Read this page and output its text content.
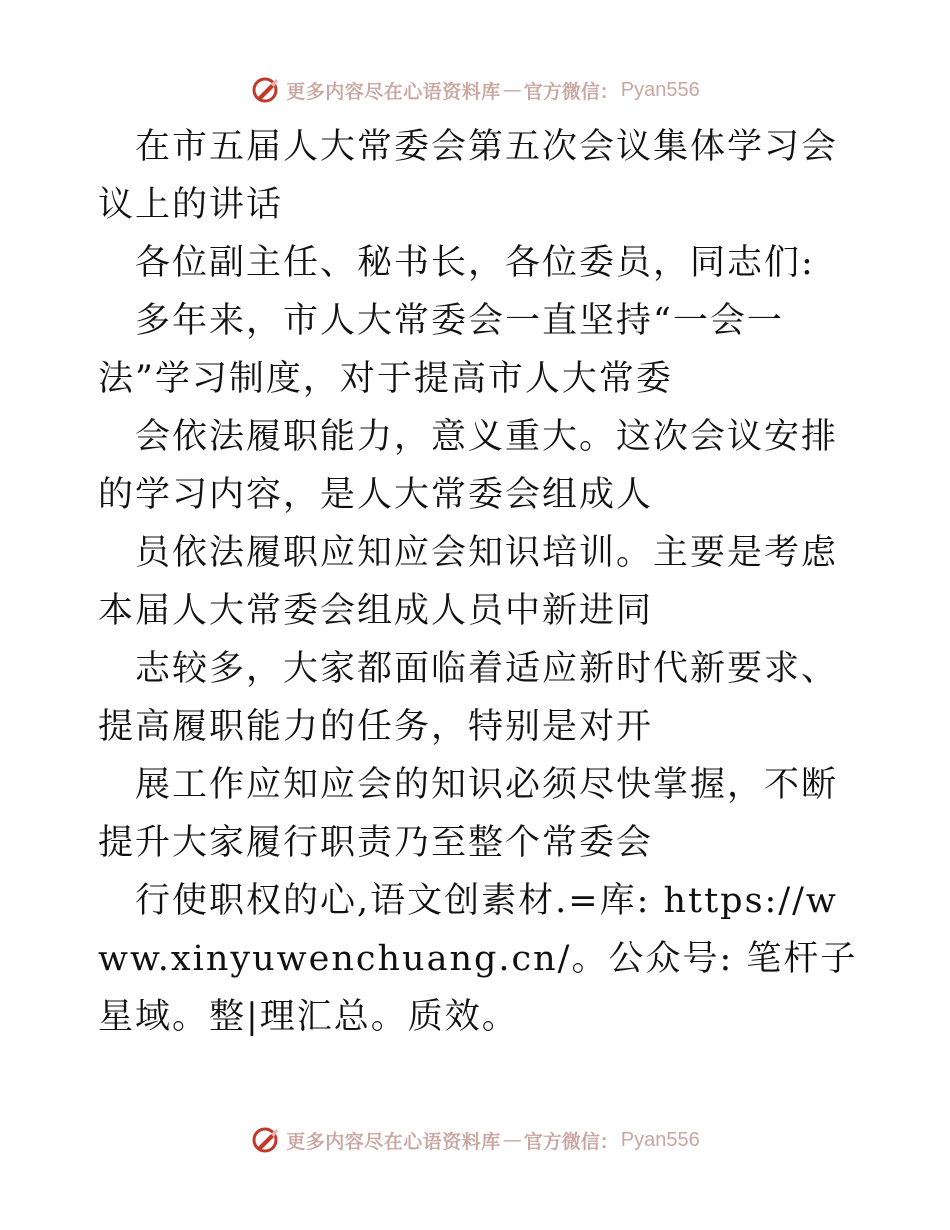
更多内容尽在心语资料库 — 官方微信： Pyan556

在市五届人大常委会第五次会议集体学习会议上的讲话

各位副主任、秘书长，各位委员，同志们:

多年来，市人大常委会一直坚持“一会一法”学习制度，对于提高市人大常委

会依法履职能力，意义重大。这次会议安排的学习内容，是人大常委会组成人

员依法履职应知应会知识培训。主要是考虑本届人大常委会组成人员中新进同

志较多，大家都面临着适应新时代新要求、提高履职能力的任务，特别是对开

展工作应知应会的知识必须尽快掌握，不断提升大家履行职责乃至整个常委会

行使职权的心,语文创素材.=库: https://www.xinyuwenchuang.cn/。公众号: 笔杆子星域。整|理汇总。质效。

更多内容尽在心语资料库 — 官方微信： Pyan556
